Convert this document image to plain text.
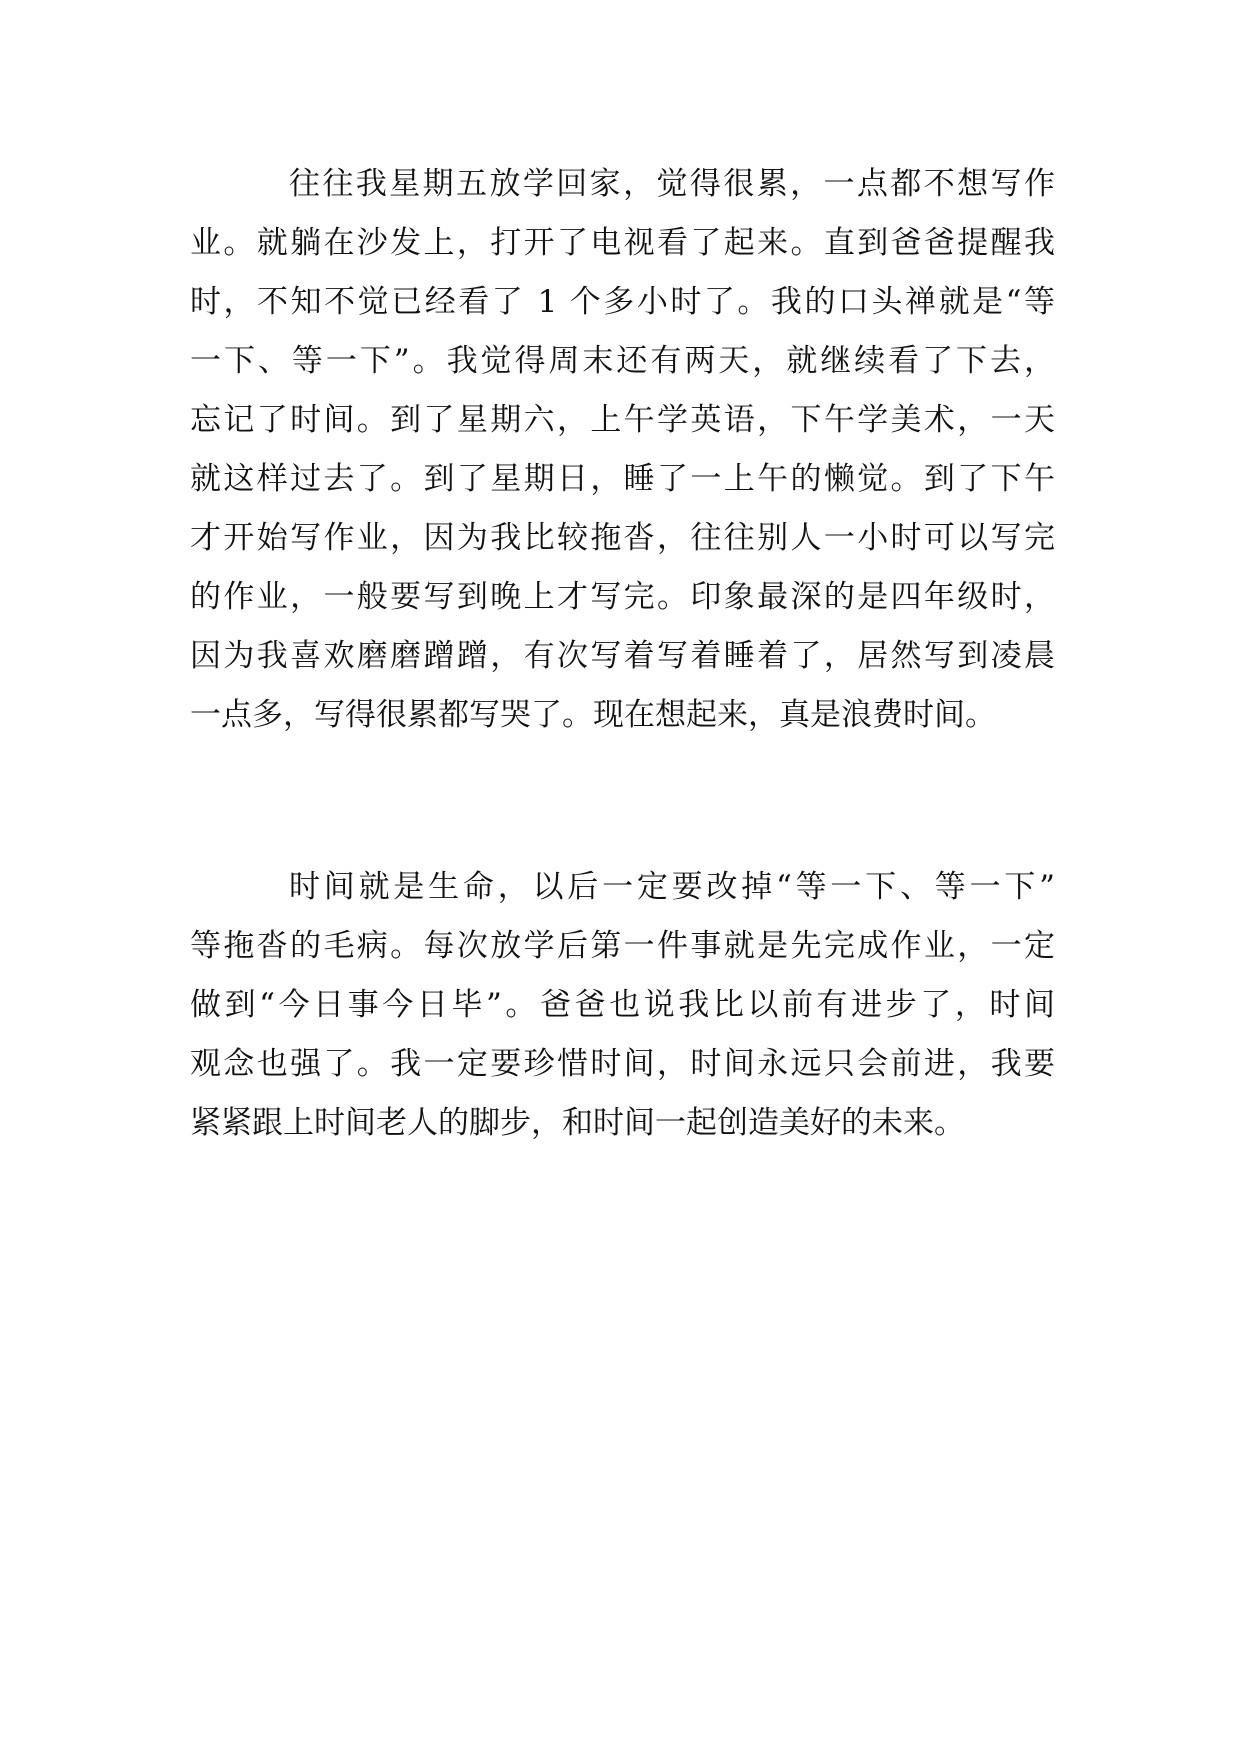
往往我星期五放学回家，觉得很累，一点都不想写作
业。就躺在沙发上，打开了电视看了起来。直到爸爸提醒我
时，不知不觉已经看了 1 个多小时了。我的口头禅就是“等
一下、等一下”。我觉得周末还有两天，就继续看了下去，
忘记了时间。到了星期六，上午学英语，下午学美术，一天
就这样过去了。到了星期日，睡了一上午的懒觉。到了下午
才开始写作业，因为我比较拖沓，往往别人一小时可以写完
的作业，一般要写到晚上才写完。印象最深的是四年级时，
因为我喜欢磨磨蹭蹭，有次写着写着睡着了，居然写到凌晨
一点多，写得很累都写哭了。现在想起来，真是浪费时间。
时间就是生命，以后一定要改掉“等一下、等一下”
等拖沓的毛病。每次放学后第一件事就是先完成作业，一定
做到“今日事今日毕”。爸爸也说我比以前有进步了，时间
观念也强了。我一定要珍惜时间，时间永远只会前进，我要
紧紧跟上时间老人的脚步，和时间一起创造美好的未来。
